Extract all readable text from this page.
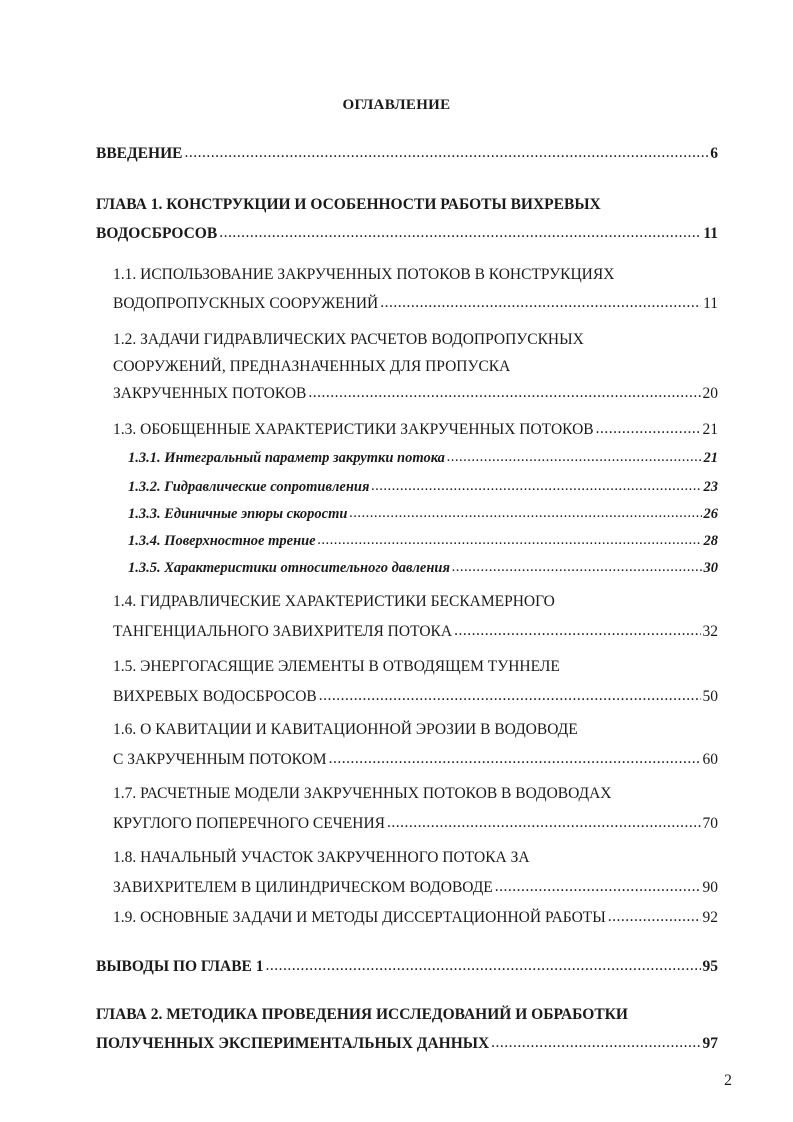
ОГЛАВЛЕНИЕ
ВВЕДЕНИЕ .....	6
ГЛАВА 1. КОНСТРУКЦИИ И ОСОБЕННОСТИ РАБОТЫ ВИХРЕВЫХ
ВОДОСБРОСОВ .....	11
1.1. ИСПОЛЬЗОВАНИЕ ЗАКРУЧЕННЫХ ПОТОКОВ В КОНСТРУКЦИЯХ
ВОДОПРОПУСКНЫХ СООРУЖЕНИЙ .....	11
1.2. ЗАДАЧИ ГИДРАВЛИЧЕСКИХ РАСЧЕТОВ ВОДОПРОПУСКНЫХ
СООРУЖЕНИЙ, ПРЕДНАЗНАЧЕННЫХ ДЛЯ ПРОПУСКА
ЗАКРУЧЕННЫХ ПОТОКОВ .....	20
1.3. ОБОБЩЕННЫЕ ХАРАКТЕРИСТИКИ ЗАКРУЧЕННЫХ ПОТОКОВ .....	21
1.3.1. Интегральный параметр закрутки потока .....	21
1.3.2. Гидравлические сопротивления .....	23
1.3.3. Единичные эпюры скорости .....	26
1.3.4. Поверхностное трение .....	28
1.3.5. Характеристики относительного давления .....	30
1.4. ГИДРАВЛИЧЕСКИЕ ХАРАКТЕРИСТИКИ БЕСКАМЕРНОГО
ТАНГЕНЦИАЛЬНОГО ЗАВИХРИТЕЛЯ ПОТОКА .....	32
1.5. ЭНЕРГОГАСЯЩИЕ ЭЛЕМЕНТЫ В ОТВОДЯЩЕМ ТУННЕЛЕ
ВИХРЕВЫХ ВОДОСБРОСОВ .....	50
1.6. О КАВИТАЦИИ И КАВИТАЦИОННОЙ ЭРОЗИИ В ВОДОВОДЕ
С ЗАКРУЧЕННЫМ ПОТОКОМ .....	60
1.7. РАСЧЕТНЫЕ МОДЕЛИ ЗАКРУЧЕННЫХ ПОТОКОВ В ВОДОВОДАХ
КРУГЛОГО ПОПЕРЕЧНОГО СЕЧЕНИЯ .....	70
1.8. НАЧАЛЬНЫЙ УЧАСТОК ЗАКРУЧЕННОГО ПОТОКА ЗА
ЗАВИХРИТЕЛЕМ В ЦИЛИНДРИЧЕСКОМ ВОДОВОДЕ .....	90
1.9. ОСНОВНЫЕ ЗАДАЧИ И МЕТОДЫ ДИССЕРТАЦИОННОЙ РАБОТЫ .....	92
ВЫВОДЫ ПО ГЛАВЕ 1 .....	95
ГЛАВА 2. МЕТОДИКА ПРОВЕДЕНИЯ ИССЛЕДОВАНИЙ И ОБРАБОТКИ
ПОЛУЧЕННЫХ ЭКСПЕРИМЕНТАЛЬНЫХ ДАННЫХ .....	97
2
